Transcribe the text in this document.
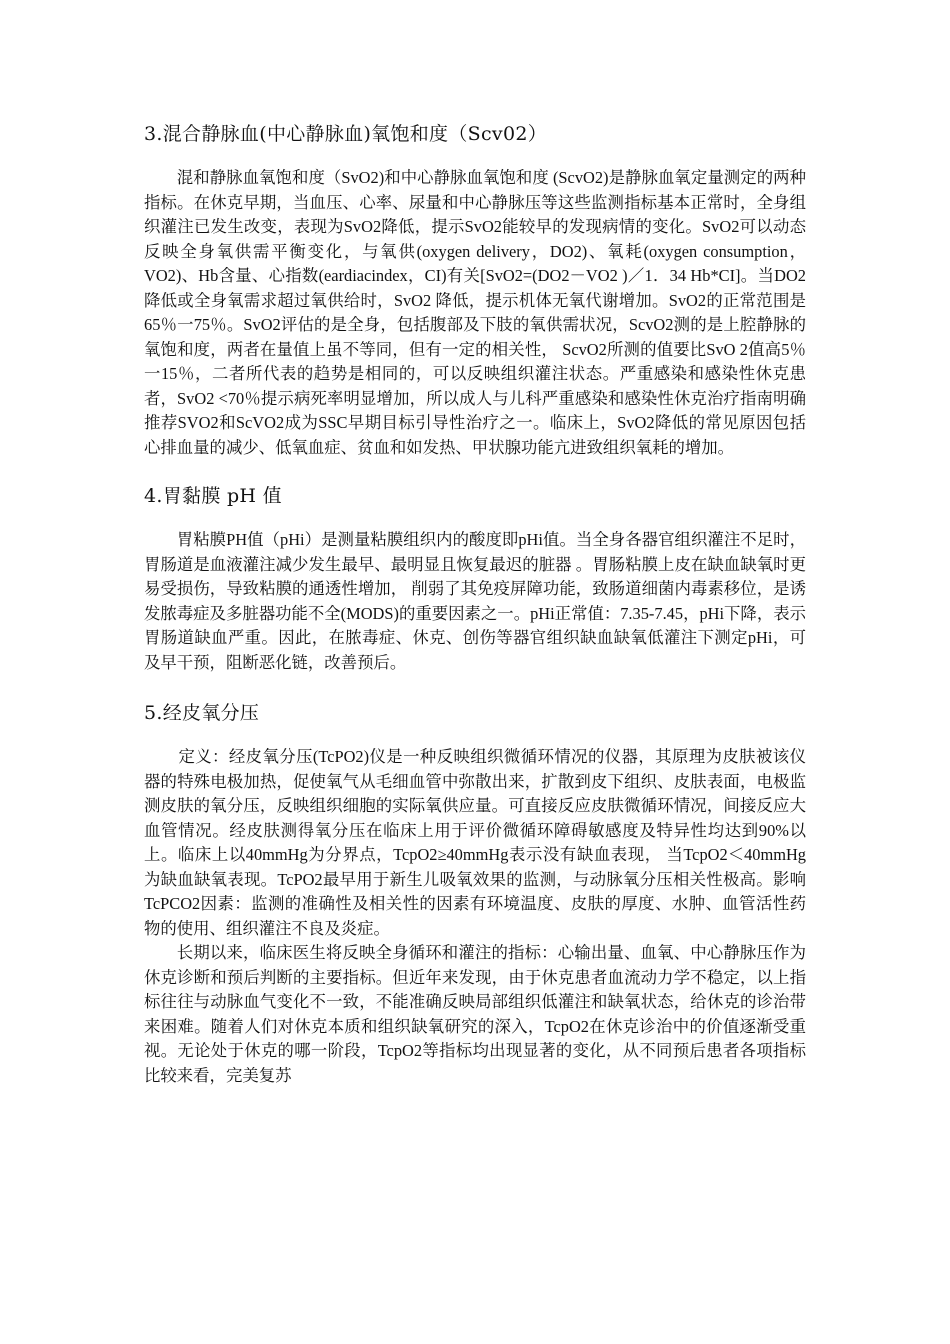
3.混合静脉血(中心静脉血)氧饱和度（Scv02）

混和静脉血氧饱和度（SvO2)和中心静脉血氧饱和度 (ScvO2)是静脉血氧定量测定的两种指标。在休克早期，当血压、心率、尿量和中心静脉压等这些监测指标基本正常时，全身组织灌注已发生改变，表现为SvO2降低，提示SvO2能较早的发现病情的变化。SvO2可以动态反映全身氧供需平衡变化，与氧供(oxygen delivery，DO2)、氧耗(oxygen consumption，VO2)、Hb含量、心指数(eardiacindex，CI)有关[SvO2=(DO2－VO2 )／1．34 Hb*CI]。当DO2降低或全身氧需求超过氧供给时，SvO2 降低，提示机体无氧代谢增加。SvO2的正常范围是65％一75％。SvO2评估的是全身，包括腹部及下肢的氧供需状况，ScvO2测的是上腔静脉的氧饱和度，两者在量值上虽不等同，但有一定的相关性， ScvO2所测的值要比SvO 2值高5％一15％，二者所代表的趋势是相同的，可以反映组织灌注状态。严重感染和感染性休克患者，SvO2 <70％提示病死率明显增加，所以成人与儿科严重感染和感染性休克治疗指南明确推荐SVO2和ScVO2成为SSC早期目标引导性治疗之一。临床上，SvO2降低的常见原因包括心排血量的减少、低氧血症、贫血和如发热、甲状腺功能亢进致组织氧耗的增加。

4.胃黏膜 pH 值

胃粘膜PH值（pHi）是测量粘膜组织内的酸度即pHi值。当全身各器官组织灌注不足时，胃肠道是血液灌注减少发生最早、最明显且恢复最迟的脏器 。胃肠粘膜上皮在缺血缺氧时更易受损伤，导致粘膜的通透性增加， 削弱了其免疫屏障功能，致肠道细菌内毒素移位，是诱发脓毒症及多脏器功能不全(MODS)的重要因素之一。pHi正常值：7.35-7.45，pHi下降，表示胃肠道缺血严重。因此，在脓毒症、休克、创伤等器官组织缺血缺氧低灌注下测定pHi，可及早干预，阻断恶化链，改善预后。

5.经皮氧分压

定义：经皮氧分压(TcPO2)仪是一种反映组织微循环情况的仪器，其原理为皮肤被该仪器的特殊电极加热，促使氧气从毛细血管中弥散出来，扩散到皮下组织、皮肤表面，电极监测皮肤的氧分压，反映组织细胞的实际氧供应量。可直接反应皮肤微循环情况，间接反应大血管情况。经皮肤测得氧分压在临床上用于评价微循环障碍敏感度及特异性均达到90%以上。临床上以40mmHg为分界点，TcpO2≥40mmHg表示没有缺血表现， 当TcpO2＜40mmHg为缺血缺氧表现。TcPO2最早用于新生儿吸氧效果的监测，与动脉氧分压相关性极高。影响TcPCO2因素：监测的准确性及相关性的因素有环境温度、皮肤的厚度、水肿、血管活性药物的使用、组织灌注不良及炎症。

长期以来，临床医生将反映全身循环和灌注的指标：心输出量、血氧、中心静脉压作为休克诊断和预后判断的主要指标。但近年来发现，由于休克患者血流动力学不稳定，以上指标往往与动脉血气变化不一致，不能准确反映局部组织低灌注和缺氧状态，给休克的诊治带来困难。随着人们对休克本质和组织缺氧研究的深入，TcpO2在休克诊治中的价值逐渐受重视。无论处于休克的哪一阶段，TcpO2等指标均出现显著的变化，从不同预后患者各项指标比较来看，完美复苏
